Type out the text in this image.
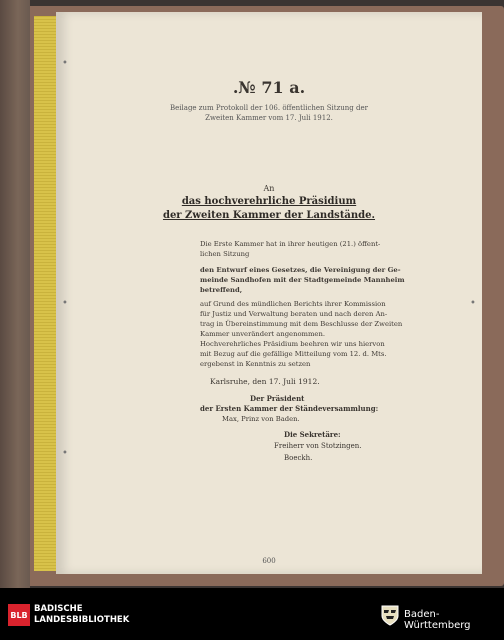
•
•
•
•
.№ 71 a.
Beilage zum Protokoll der 106. öffentlichen Sitzung der
Zweiten Kammer vom 17. Juli 1912.
An
das hochverehrliche Präsidium
der Zweiten Kammer der Landstände.
Die Erste Kammer hat in ihrer heutigen (21.) öffent-
lichen Sitzung
den Entwurf eines Gesetzes, die Vereinigung der Ge-
meinde Sandhofen mit der Stadtgemeinde Mannheim
betreffend,
auf Grund des mündlichen Berichts ihrer Kommission
für Justiz und Verwaltung beraten und nach deren An-
trag in Übereinstimmung mit dem Beschlusse der Zweiten
Kammer unverändert angenommen.
Hochverehrliches Präsidium beehren wir uns hiervon
mit Bezug auf die gefällige Mitteilung vom 12. d. Mts.
ergebenst in Kenntnis zu setzen
Karlsruhe, den 17. Juli 1912.
Der Präsident
der Ersten Kammer der Ständeversammlung:
Max, Prinz von Baden.
Die Sekretäre:
Freiherr von Stotzingen.
Boeckh.
600
BLB
BADISCHE
LANDESBIBLIOTHEK	Baden-Württemberg
